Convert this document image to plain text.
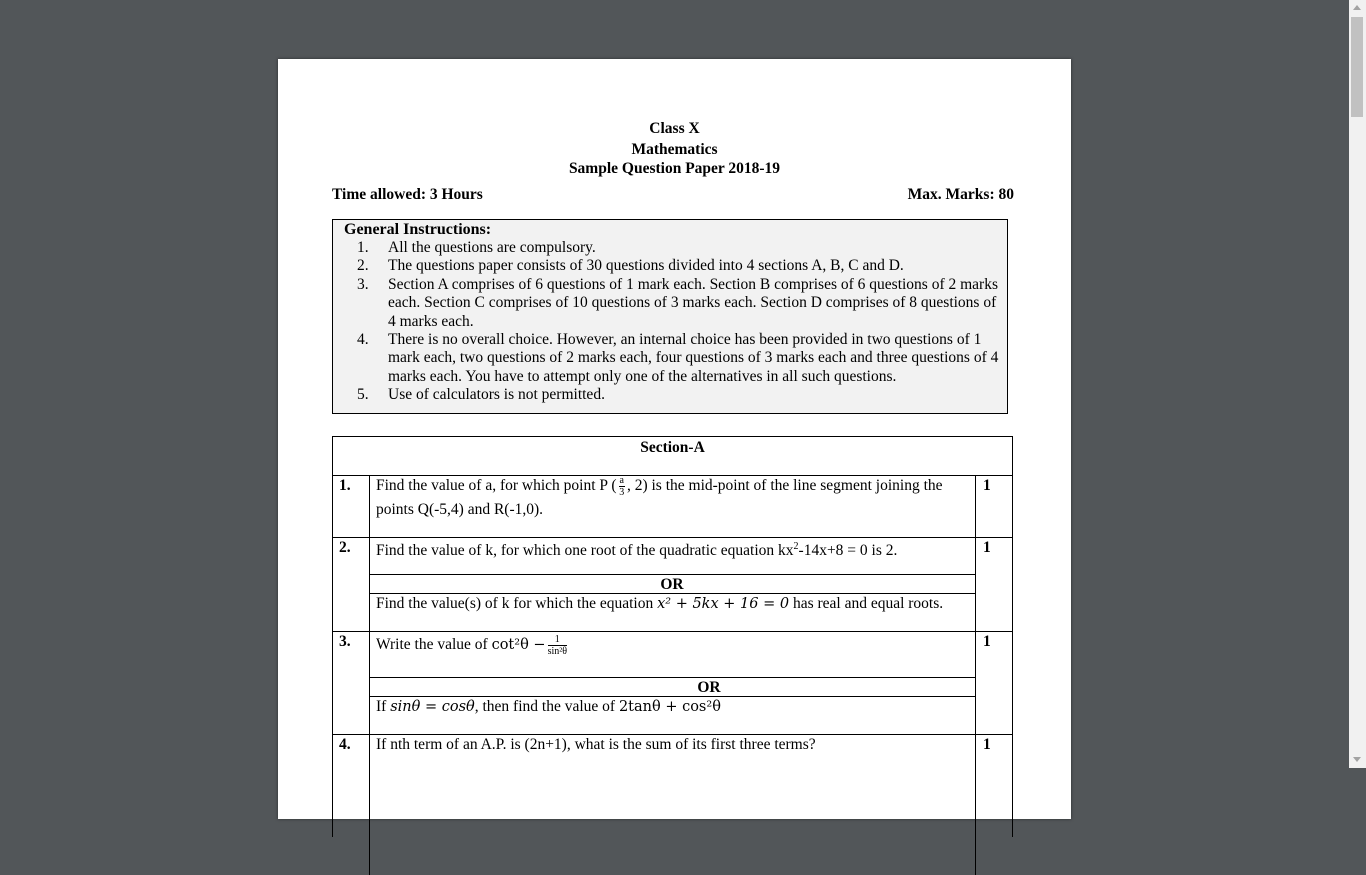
Class X
Mathematics
Sample Question Paper 2018-19
Time allowed: 3 Hours	Max. Marks: 80
General Instructions:
1. All the questions are compulsory.
2. The questions paper consists of 30 questions divided into 4 sections A, B, C and D.
3. Section A comprises of 6 questions of 1 mark each. Section B comprises of 6 questions of 2 marks each. Section C comprises of 10 questions of 3 marks each. Section D comprises of 8 questions of 4 marks each.
4. There is no overall choice. However, an internal choice has been provided in two questions of 1 mark each, two questions of 2 marks each, four questions of 3 marks each and three questions of 4 marks each. You have to attempt only one of the alternatives in all such questions.
5. Use of calculators is not permitted.
Section-A
1. Find the value of a, for which point P ( $\frac{a}{3}$ , 2) is the mid-point of the line segment joining the
points Q(-5,4) and R(-1,0).
1
2. Find the value of k, for which one root of the quadratic equation $kx^2-14x+8 = 0$ is 2.	1
OR
Find the value(s) of k for which the equation x² + 5kx + 16 = 0 has real and equal roots.
3. Write the value of $\cot^2\theta - \frac{1}{\text{sin²θ}}$	1
OR
If sinθ = cosθ, then find the value of 2tanθ + cos²θ
4. If nth term of an A.P. is (2n+1), what is the sum of its first three terms?	1
